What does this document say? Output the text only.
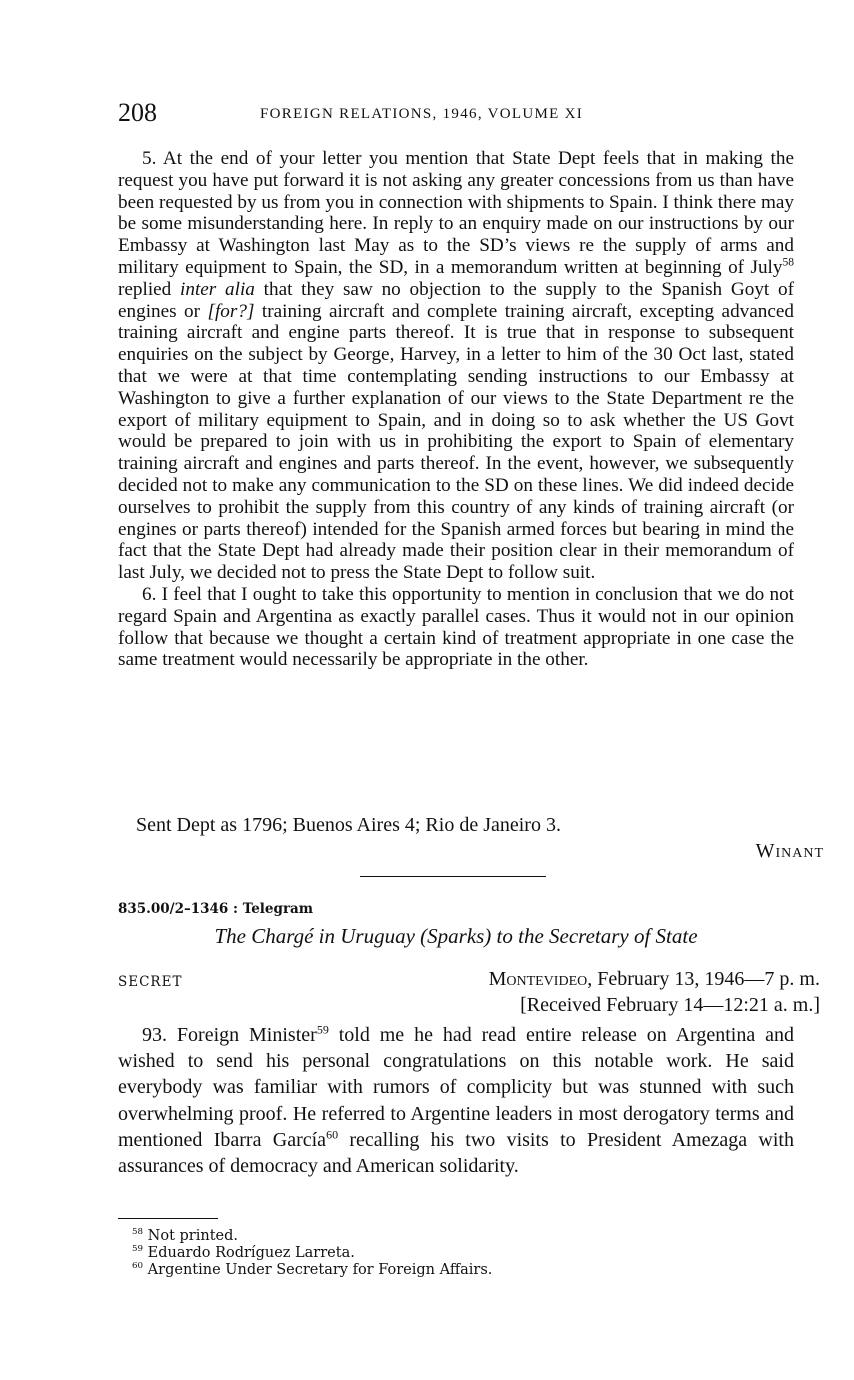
208	FOREIGN RELATIONS, 1946, VOLUME XI

5. At the end of your letter you mention that State Dept feels that in making the request you have put forward it is not asking any greater concessions from us than have been requested by us from you in connection with shipments to Spain. I think there may be some misunderstanding here. In reply to an enquiry made on our instructions by our Embassy at Washington last May as to the SD’s views re the supply of arms and military equipment to Spain, the SD, in a memorandum written at beginning of July$^{58}$ replied inter alia that they saw no objection to the supply to the Spanish Goyt of engines or [for?] training aircraft and complete training aircraft, excepting advanced training aircraft and engine parts thereof. It is true that in response to subsequent enquiries on the subject by George, Harvey, in a letter to him of the 30 Oct last, stated that we were at that time contemplating sending instructions to our Embassy at Washington to give a further explanation of our views to the State Department re the export of military equipment to Spain, and in doing so to ask whether the US Govt would be prepared to join with us in prohibiting the export to Spain of elementary training aircraft and engines and parts thereof. In the event, however, we subsequently decided not to make any communication to the SD on these lines. We did indeed decide ourselves to prohibit the supply from this country of any kinds of training aircraft (or engines or parts thereof) intended for the Spanish armed forces but bearing in mind the fact that the State Dept had already made their position clear in their memorandum of last July, we decided not to press the State Dept to follow suit.

6. I feel that I ought to take this opportunity to mention in conclusion that we do not regard Spain and Argentina as exactly parallel cases. Thus it would not in our opinion follow that because we thought a certain kind of treatment appropriate in one case the same treatment would necessarily be appropriate in the other.

Sent Dept as 1796; Buenos Aires 4; Rio de Janeiro 3.
Winant
835.00/2–1346 : Telegram
The Chargé in Uruguay (Sparks) to the Secretary of State
SECRET	Montevideo, February 13, 1946—7 p. m.
[Received February 14—12:21 a. m.]

93. Foreign Minister$^{59}$ told me he had read entire release on Argentina and wished to send his personal congratulations on this notable work. He said everybody was familiar with rumors of complicity but was stunned with such overwhelming proof. He referred to Argentine leaders in most derogatory terms and mentioned Ibarra García$^{60}$ recalling his two visits to President Amezaga with assurances of democracy and American solidarity.

$^{58}$ Not printed.
$^{59}$ Eduardo Rodríguez Larreta.
$^{60}$ Argentine Under Secretary for Foreign Affairs.
